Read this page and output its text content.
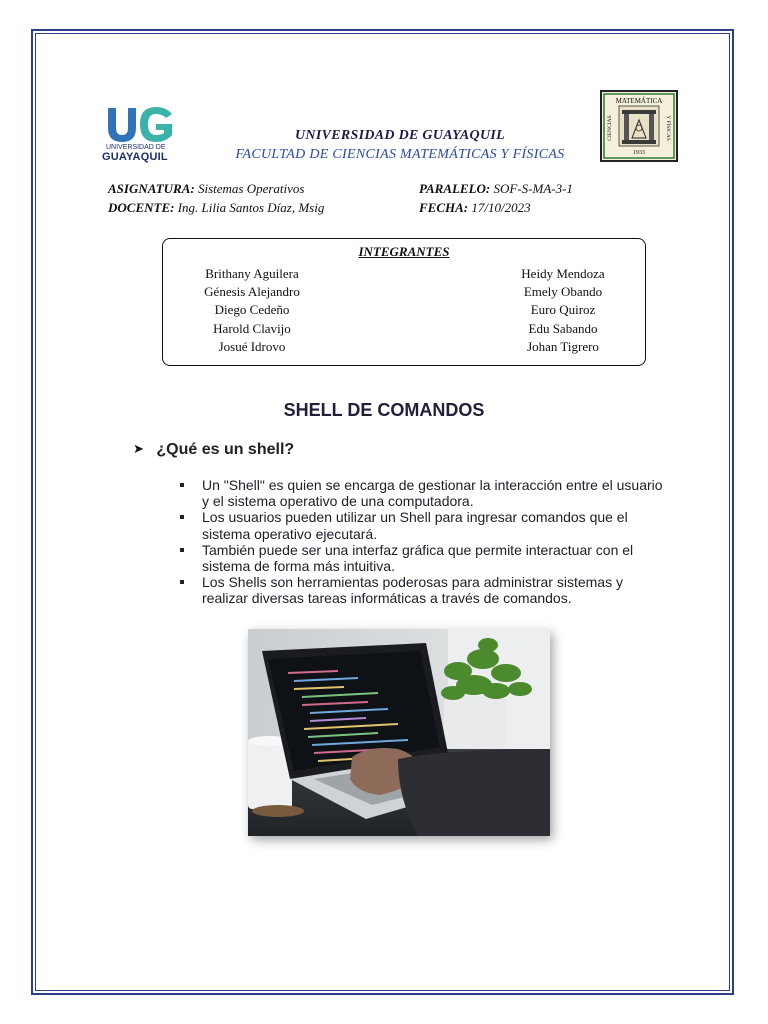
UNIVERSIDAD DE
GUAYAQUIL
MATEMÁTICA
CIENCIAS	Y FÍSICAS
1933
UNIVERSIDAD DE GUAYAQUIL
FACULTAD DE CIENCIAS MATEMÁTICAS Y FÍSICAS
ASIGNATURA: Sistemas Operativos
DOCENTE: Ing. Lilia Santos Díaz, Msig
PARALELO: SOF-S-MA-3-1
FECHA: 17/10/2023
INTEGRANTES
Brithany Aguilera
Génesis Alejandro
Diego Cedeño
Harold Clavijo
Josué Idrovo
Heidy Mendoza
Emely Obando
Euro Quiroz
Edu Sabando
Johan Tigrero
SHELL DE COMANDOS
➤ ¿Qué es un shell?
Un "Shell" es quien se encarga de gestionar la interacción entre el usuario y el sistema operativo de una computadora.
Los usuarios pueden utilizar un Shell para ingresar comandos que el sistema operativo ejecutará.
También puede ser una interfaz gráfica que permite interactuar con el sistema de forma más intuitiva.
Los Shells son herramientas poderosas para administrar sistemas y realizar diversas tareas informáticas a través de comandos.
